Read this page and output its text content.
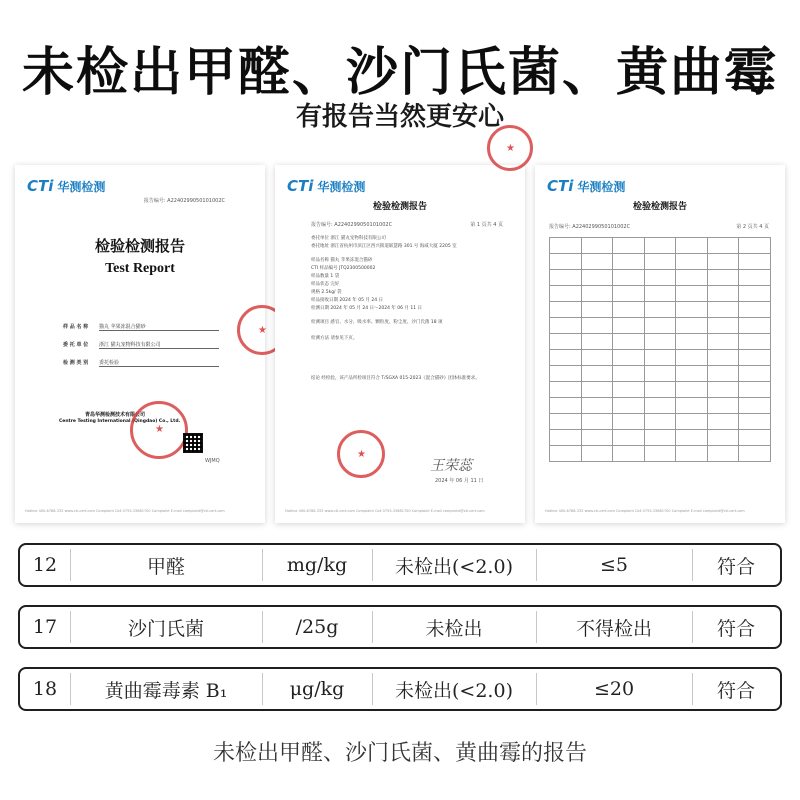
未检出甲醛、沙门氏菌、黄曲霉
有报告当然更安心
CTi 华测检测
报告编号: A2240299050101002C
检验检测报告
Test Report
样 品 名 称 猫丸 苹果冻混合猫砂
委 托 单 位 浙江 猫丸宠物科技有限公司
检 测 类 别 委托检验
青岛华测检测技术有限公司
Centre Testing International (Qingdao) Co., Ltd.
★
★
WJMQ
Hotline 400-6788-333 www.cti-cert.com Complaint Call 0755-33681700 Complaint E-mail complaint@cti-cert.com
CTi 华测检测
检验检测报告
报告编号: A2240299050101002C	第 1 页共 4 页
委托单位 浙江 猫丸宠物科技有限公司
委托地址 浙江省杭州市滨江区西兴街道联慧路 301 号 海威大厦 2205 室
样品名称 猫丸 苹果冻混合猫砂
CTI 样品编号 JTQ2300500002
样品数量 1 袋
样品状态 完好
规格 2.5kg/ 袋
样品接收日期 2024 年 05 月 24 日
检测日期 2024 年 05 月 24 日～2024 年 06 月 11 日
检测项目 感官、水分、吸水率、颗粒度、粉尘度、沙门氏菌 18 项
检测方法 请参见下页。
结论 经检验，该产品所检项目符合 T/SGXA 015-2023《混合猫砂》团体标准要求。
★
王荣蕊
2024 年 06 月 11 日
Hotline 400-6788-333 www.cti-cert.com Complaint Call 0755-33681700 Complaint E-mail complaint@cti-cert.com
CTi 华测检测
检验检测报告
报告编号: A2240299050101002C	第 2 页共 4 页

Hotline 400-6788-333 www.cti-cert.com Complaint Call 0755-33681700 Complaint E-mail complaint@cti-cert.com
★
12	甲醛	mg/kg	未检出(<2.0)	≤5	符合
17	沙门氏菌	/25g	未检出	不得检出	符合
18	黄曲霉毒素 B₁	μg/kg	未检出(<2.0)	≤20	符合
未检出甲醛、沙门氏菌、黄曲霉的报告
